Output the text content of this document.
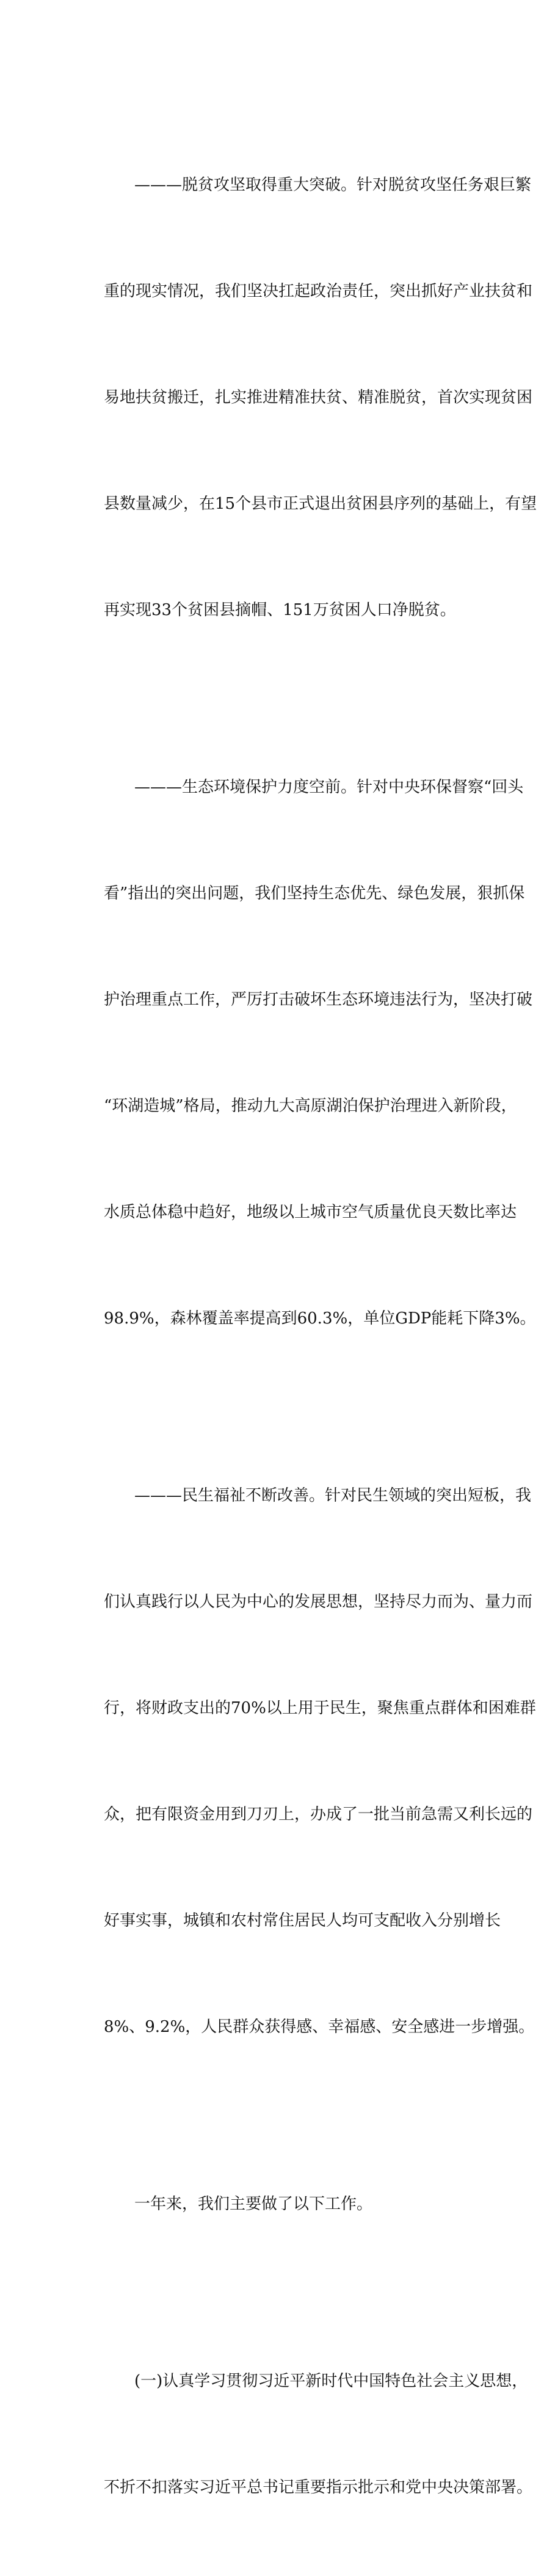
———脱贫攻坚取得重大突破。针对脱贫攻坚任务艰巨繁

重的现实情况，我们坚决扛起政治责任，突出抓好产业扶贫和

易地扶贫搬迁，扎实推进精准扶贫、精准脱贫，首次实现贫困

县数量减少，在15个县市正式退出贫困县序列的基础上，有望

再实现33个贫困县摘帽、151万贫困人口净脱贫。

———生态环境保护力度空前。针对中央环保督察“回头

看”指出的突出问题，我们坚持生态优先、绿色发展，狠抓保

护治理重点工作，严厉打击破坏生态环境违法行为，坚决打破

“环湖造城”格局，推动九大高原湖泊保护治理进入新阶段，

水质总体稳中趋好，地级以上城市空气质量优良天数比率达

98.9%，森林覆盖率提高到60.3%，单位GDP能耗下降3%。

———民生福祉不断改善。针对民生领域的突出短板，我

们认真践行以人民为中心的发展思想，坚持尽力而为、量力而

行，将财政支出的70%以上用于民生，聚焦重点群体和困难群

众，把有限资金用到刀刃上，办成了一批当前急需又利长远的

好事实事，城镇和农村常住居民人均可支配收入分别增长

8%、9.2%，人民群众获得感、幸福感、安全感进一步增强。

一年来，我们主要做了以下工作。

(一)认真学习贯彻习近平新时代中国特色社会主义思想，

不折不扣落实习近平总书记重要指示批示和党中央决策部署。
